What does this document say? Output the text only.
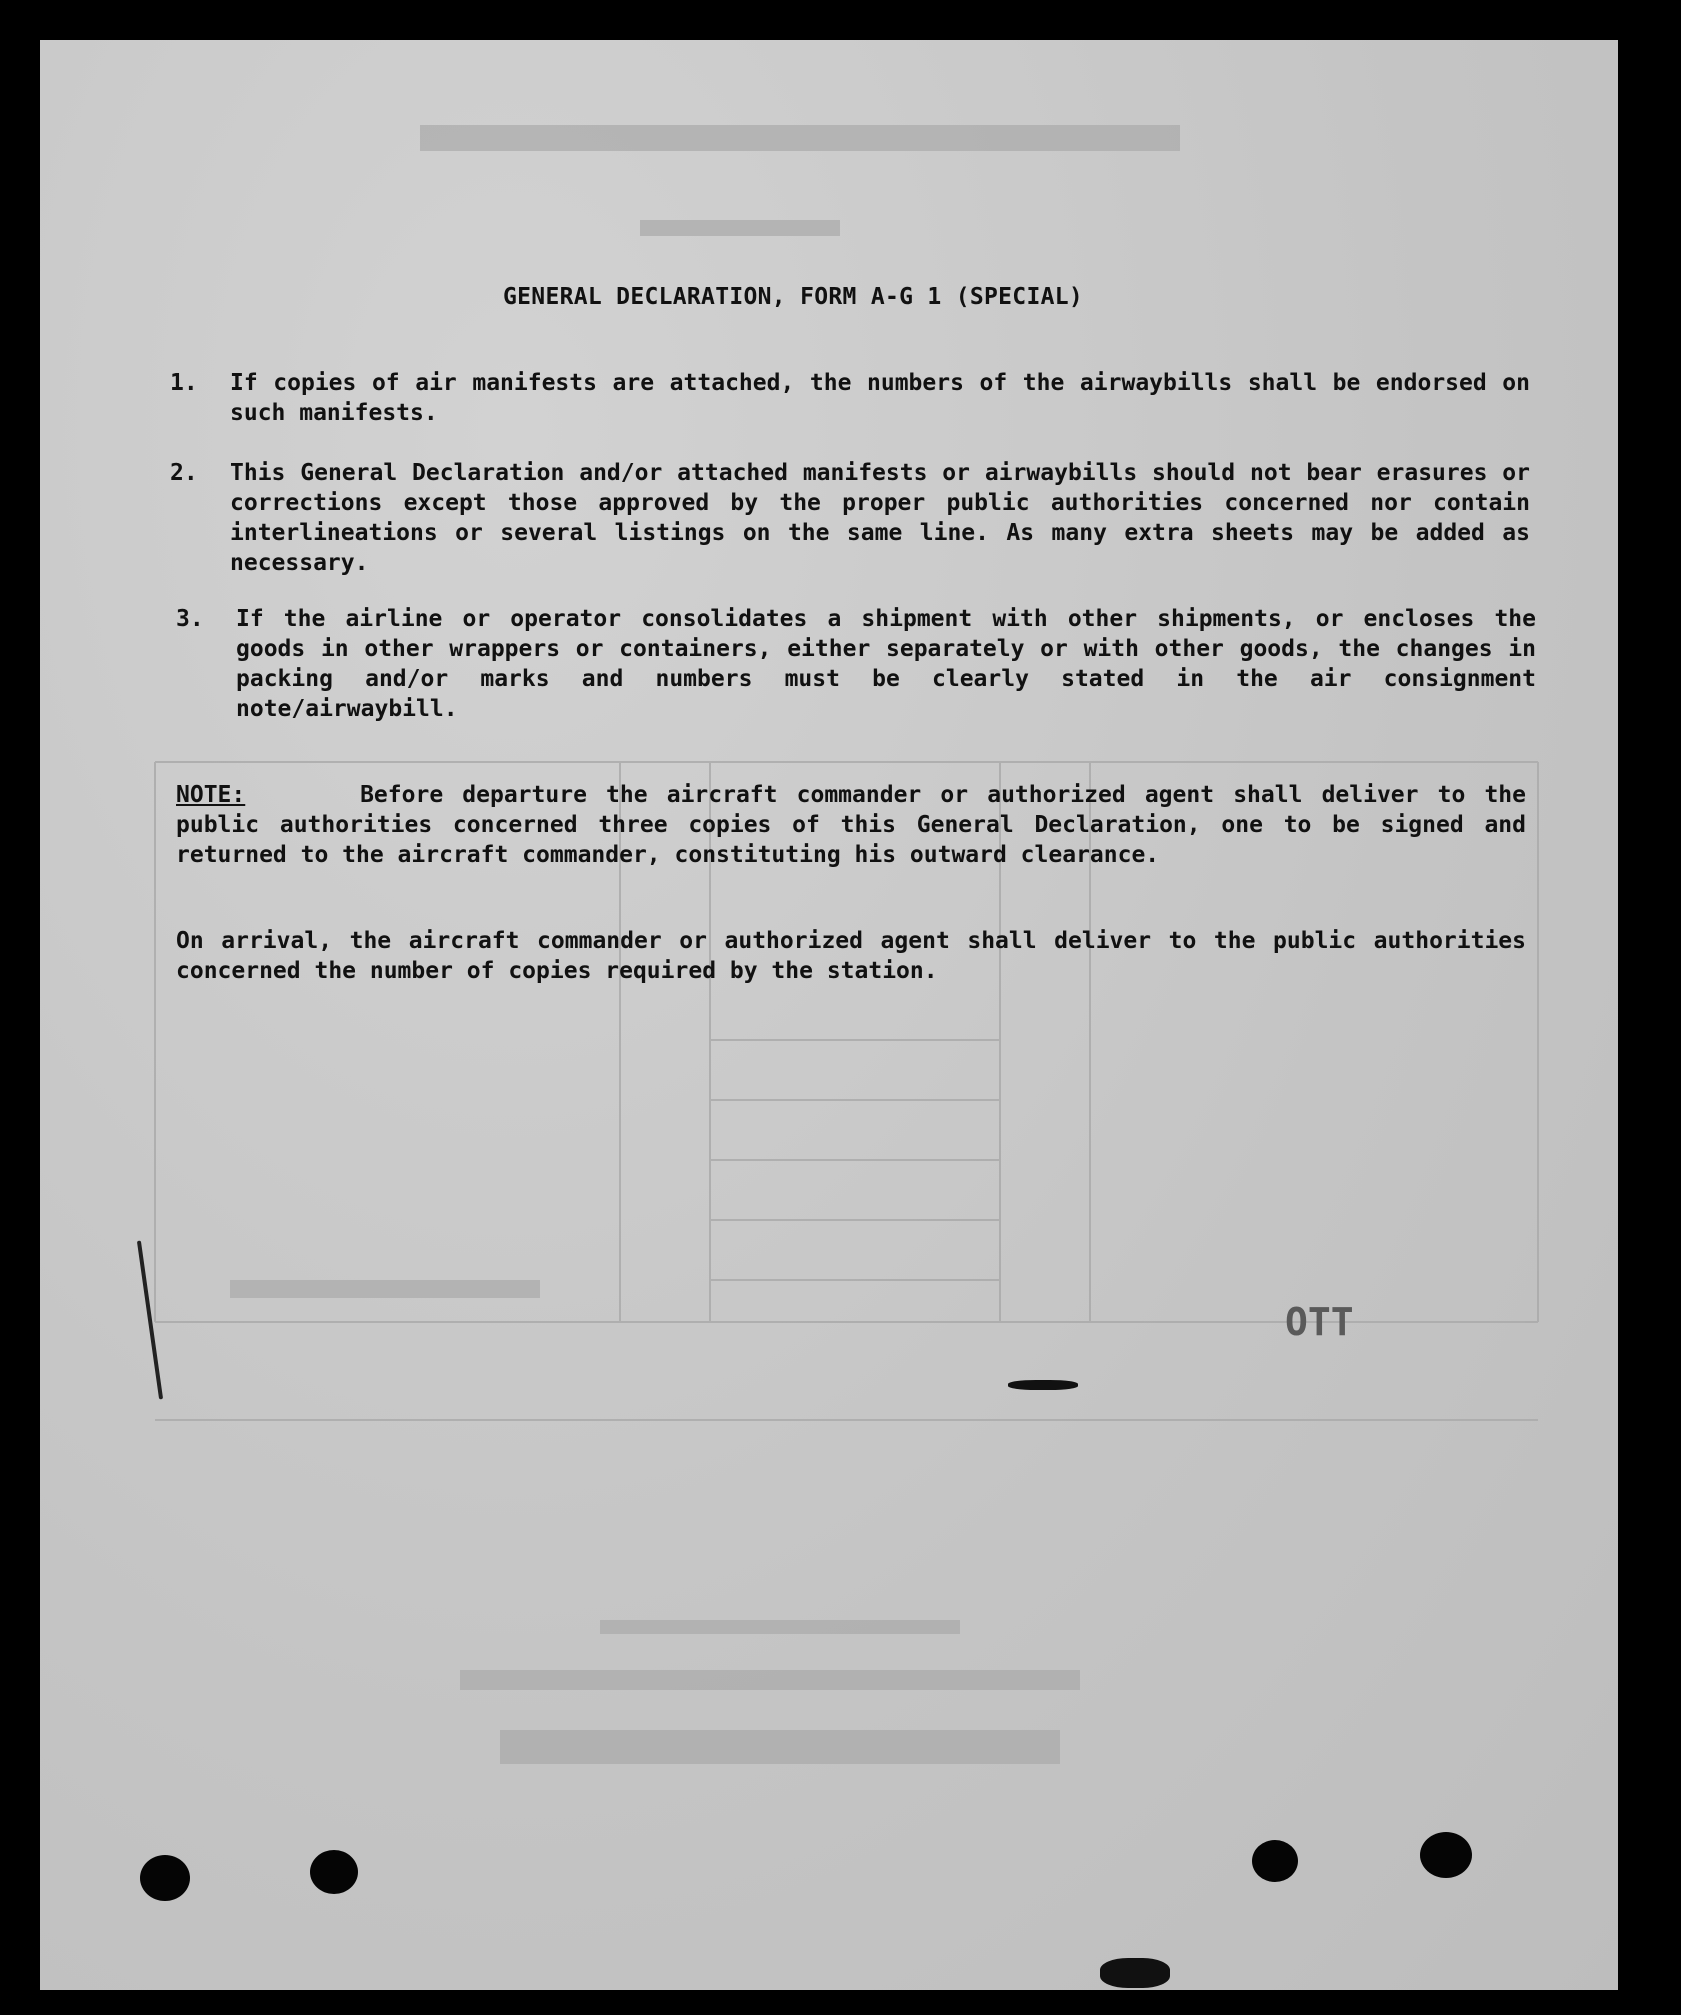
OTT
GENERAL DECLARATION, FORM A-G 1 (SPECIAL)
1.	If copies of air manifests are attached, the numbers of the airwaybills shall be endorsed on such manifests.
2.	This General Declaration and/or attached manifests or airwaybills should not bear erasures or corrections except those approved by the proper public authorities concerned nor contain interlineations or several listings on the same line. As many extra sheets may be added as necessary.
3.	If the airline or operator consolidates a shipment with other shipments, or encloses the goods in other wrappers or containers, either separately or with other goods, the changes in packing and/or marks and numbers must be clearly stated in the air consignment note/airwaybill.
NOTE:	Before departure the aircraft commander or authorized agent shall deliver to the public authorities concerned three copies of this General Declaration, one to be signed and returned to the aircraft commander, constituting his outward clearance.
On arrival, the aircraft commander or authorized agent shall deliver to the public authorities concerned the number of copies required by the station.
